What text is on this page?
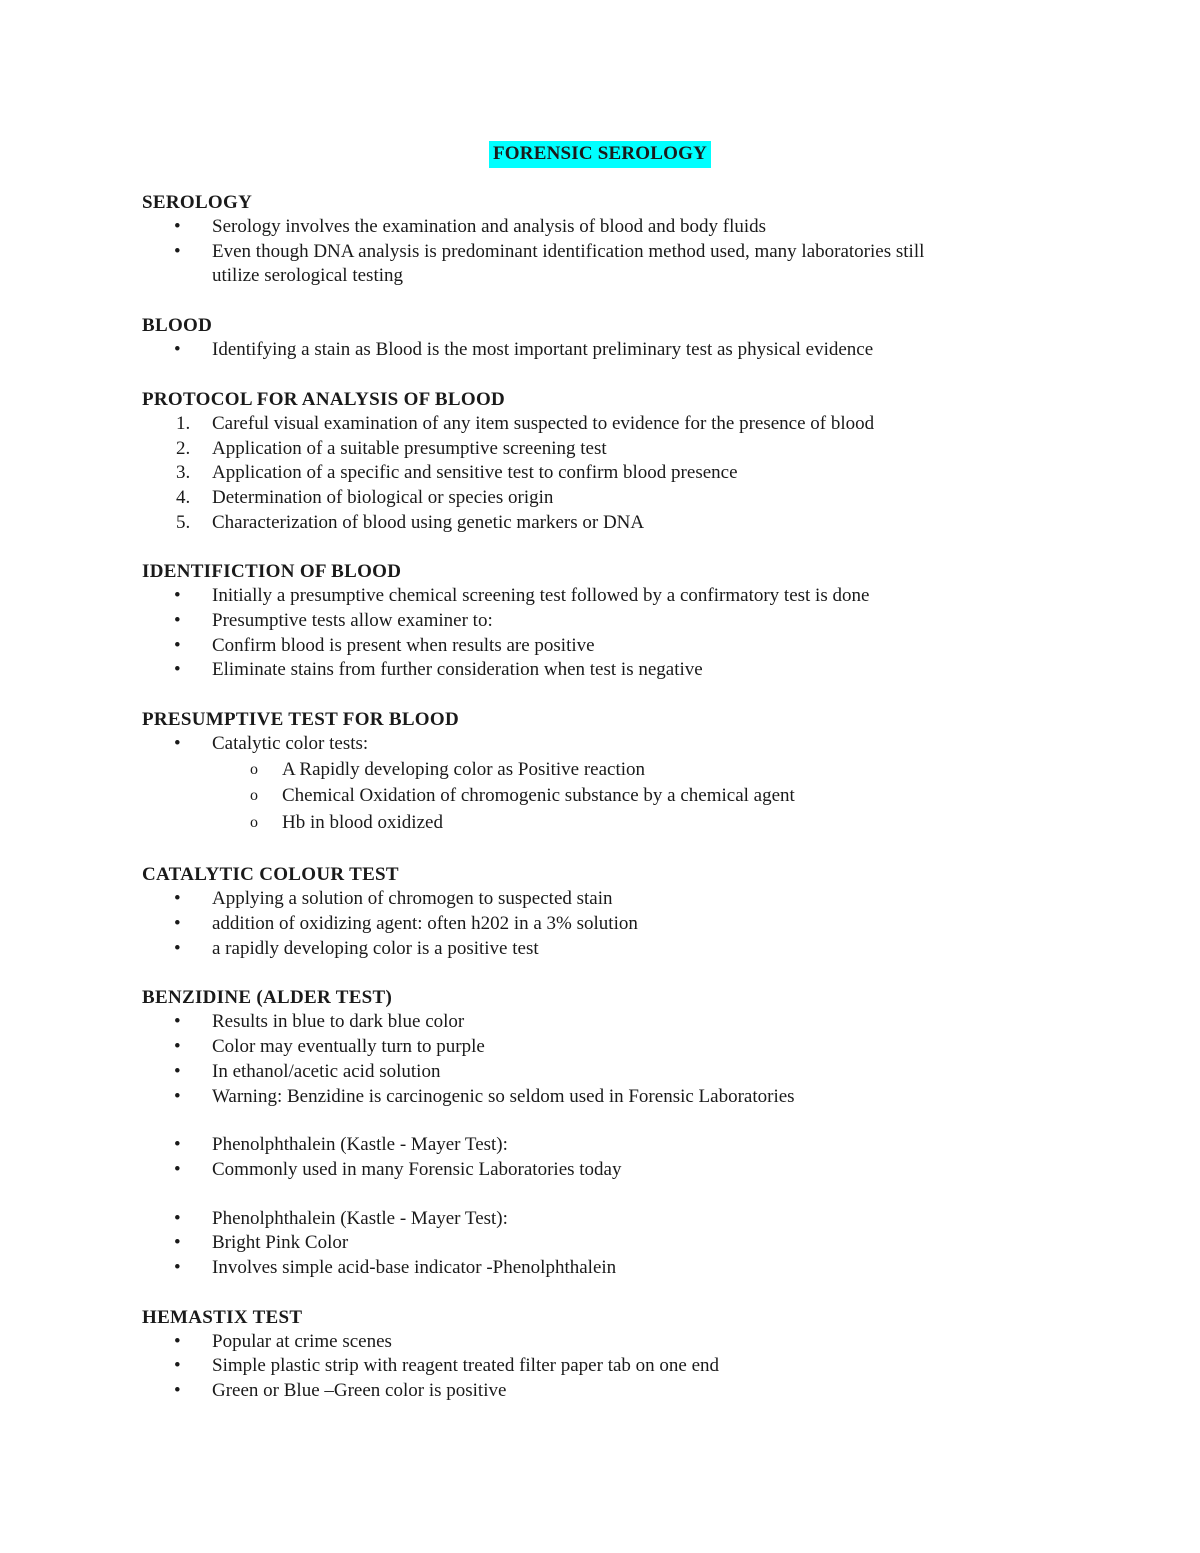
FORENSIC SEROLOGY

SEROLOGY

• Serology involves the examination and analysis of blood and body fluids
• Even though DNA analysis is predominant identification method used, many laboratories still
utilize serological testing

BLOOD

• Identifying a stain as Blood is the most important preliminary test as physical evidence

PROTOCOL FOR ANALYSIS OF BLOOD

1. Careful visual examination of any item suspected to evidence for the presence of blood
2. Application of a suitable presumptive screening test
3. Application of a specific and sensitive test to confirm blood presence
4. Determination of biological or species origin
5. Characterization of blood using genetic markers or DNA

IDENTIFICTION OF BLOOD

• Initially a presumptive chemical screening test followed by a confirmatory test is done
• Presumptive tests allow examiner to:
• Confirm blood is present when results are positive
• Eliminate stains from further consideration when test is negative

PRESUMPTIVE TEST FOR BLOOD

• Catalytic color tests:
o A Rapidly developing color as Positive reaction
o Chemical Oxidation of chromogenic substance by a chemical agent
o Hb in blood oxidized

CATALYTIC COLOUR TEST

• Applying a solution of chromogen to suspected stain
• addition of oxidizing agent: often h202 in a 3% solution
• a rapidly developing color is a positive test

BENZIDINE (ALDER TEST)

• Results in blue to dark blue color
• Color may eventually turn to purple
• In ethanol/acetic acid solution
• Warning: Benzidine is carcinogenic so seldom used in Forensic Laboratories
• Phenolphthalein (Kastle - Mayer Test):
• Commonly used in many Forensic Laboratories today
• Phenolphthalein (Kastle - Mayer Test):
• Bright Pink Color
• Involves simple acid-base indicator -Phenolphthalein

HEMASTIX TEST

• Popular at crime scenes
• Simple plastic strip with reagent treated filter paper tab on one end
• Green or Blue –Green color is positive
